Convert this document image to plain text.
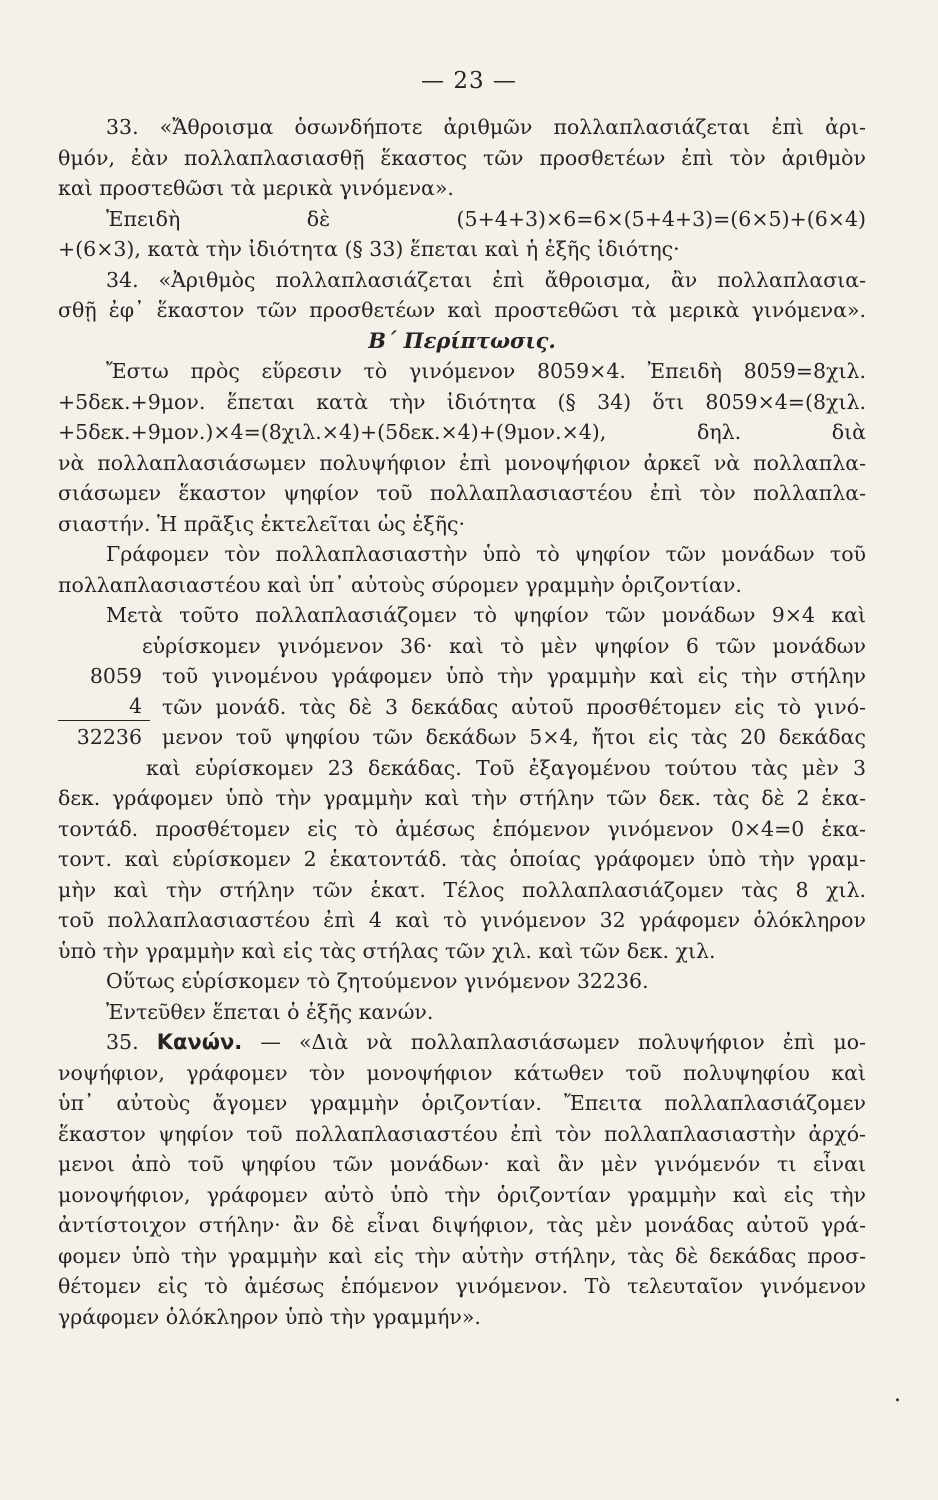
— 23 —
33. «Ἄθροισμα ὁσωνδήποτε ἀριθμῶν πολλαπλασιάζεται ἐπὶ ἀρι-
θμόν, ἐὰν πολλαπλασιασθῇ ἕκαστος τῶν προσθετέων ἐπὶ τὸν ἀριθμὸν
καὶ προστεθῶσι τὰ μερικὰ γινόμενα».
Ἐπειδὴ δὲ (5+4+3)×6=6×(5+4+3)=(6×5)+(6×4)
+(6×3), κατὰ τὴν ἰδιότητα (§ 33) ἕπεται καὶ ἡ ἑξῆς ἰδιότης·
34. «Ἀριθμὸς πολλαπλασιάζεται ἐπὶ ἄθροισμα, ἂν πολλαπλασια-
σθῇ ἐφ᾽ ἕκαστον τῶν προσθετέων καὶ προστεθῶσι τὰ μερικὰ γινόμενα».
Β΄ Περίπτωσις.
Ἔστω πρὸς εὕρεσιν τὸ γινόμενον 8059×4. Ἐπειδὴ 8059=8χιλ.
+5δεκ.+9μον. ἕπεται κατὰ τὴν ἰδιότητα (§ 34) ὅτι 8059×4=(8χιλ.
+5δεκ.+9μον.)×4=(8χιλ.×4)+(5δεκ.×4)+(9μον.×4), δηλ. διὰ
νὰ πολλαπλασιάσωμεν πολυψήφιον ἐπὶ μονοψήφιον ἀρκεῖ νὰ πολλαπλα-
σιάσωμεν ἕκαστον ψηφίον τοῦ πολλαπλασιαστέου ἐπὶ τὸν πολλαπλα-
σιαστήν. Ἡ πρᾶξις ἐκτελεῖται ὡς ἑξῆς·
Γράφομεν τὸν πολλαπλασιαστὴν ὑπὸ τὸ ψηφίον τῶν μονάδων τοῦ
πολλαπλασιαστέου καὶ ὑπ᾽ αὐτοὺς σύρομεν γραμμὴν ὁριζοντίαν.
Μετὰ τοῦτο πολλαπλασιάζομεν τὸ ψηφίον τῶν μονάδων 9×4 καὶ
εὑρίσκομεν γινόμενον 36· καὶ τὸ μὲν ψηφίον 6 τῶν μονάδων
8059 τοῦ γινομένου γράφομεν ὑπὸ τὴν γραμμὴν καὶ εἰς τὴν στήλην
4 τῶν μονάδ. τὰς δὲ 3 δεκάδας αὐτοῦ προσθέτομεν εἰς τὸ γινό-
32236 μενον τοῦ ψηφίου τῶν δεκάδων 5×4, ἤτοι εἰς τὰς 20 δεκάδας
καὶ εὑρίσκομεν 23 δεκάδας. Τοῦ ἐξαγομένου τούτου τὰς μὲν 3
δεκ. γράφομεν ὑπὸ τὴν γραμμὴν καὶ τὴν στήλην τῶν δεκ. τὰς δὲ 2 ἑκα-
τοντάδ. προσθέτομεν εἰς τὸ ἀμέσως ἑπόμενον γινόμενον 0×4=0 ἑκα-
τοντ. καὶ εὑρίσκομεν 2 ἑκατοντάδ. τὰς ὁποίας γράφομεν ὑπὸ τὴν γραμ-
μὴν καὶ τὴν στήλην τῶν ἑκατ. Τέλος πολλαπλασιάζομεν τὰς 8 χιλ.
τοῦ πολλαπλασιαστέου ἐπὶ 4 καὶ τὸ γινόμενον 32 γράφομεν ὁλόκληρον
ὑπὸ τὴν γραμμὴν καὶ εἰς τὰς στήλας τῶν χιλ. καὶ τῶν δεκ. χιλ.
Οὕτως εὑρίσκομεν τὸ ζητούμενον γινόμενον 32236.
Ἐντεῦθεν ἕπεται ὁ ἑξῆς κανών.
35. Κανών. — «Διὰ νὰ πολλαπλασιάσωμεν πολυψήφιον ἐπὶ μο-
νοψήφιον, γράφομεν τὸν μονοψήφιον κάτωθεν τοῦ πολυψηφίου καὶ
ὑπ᾽ αὐτοὺς ἄγομεν γραμμὴν ὁριζοντίαν. Ἔπειτα πολλαπλασιάζομεν
ἕκαστον ψηφίον τοῦ πολλαπλασιαστέου ἐπὶ τὸν πολλαπλασιαστὴν ἀρχό-
μενοι ἀπὸ τοῦ ψηφίου τῶν μονάδων· καὶ ἂν μὲν γινόμενόν τι εἶναι
μονοψήφιον, γράφομεν αὐτὸ ὑπὸ τὴν ὁριζοντίαν γραμμὴν καὶ εἰς τὴν
ἀντίστοιχον στήλην· ἂν δὲ εἶναι διψήφιον, τὰς μὲν μονάδας αὐτοῦ γρά-
φομεν ὑπὸ τὴν γραμμὴν καὶ εἰς τὴν αὐτὴν στήλην, τὰς δὲ δεκάδας προσ-
θέτομεν εἰς τὸ ἀμέσως ἑπόμενον γινόμενον. Τὸ τελευταῖον γινόμενον
γράφομεν ὁλόκληρον ὑπὸ τὴν γραμμήν».
.
